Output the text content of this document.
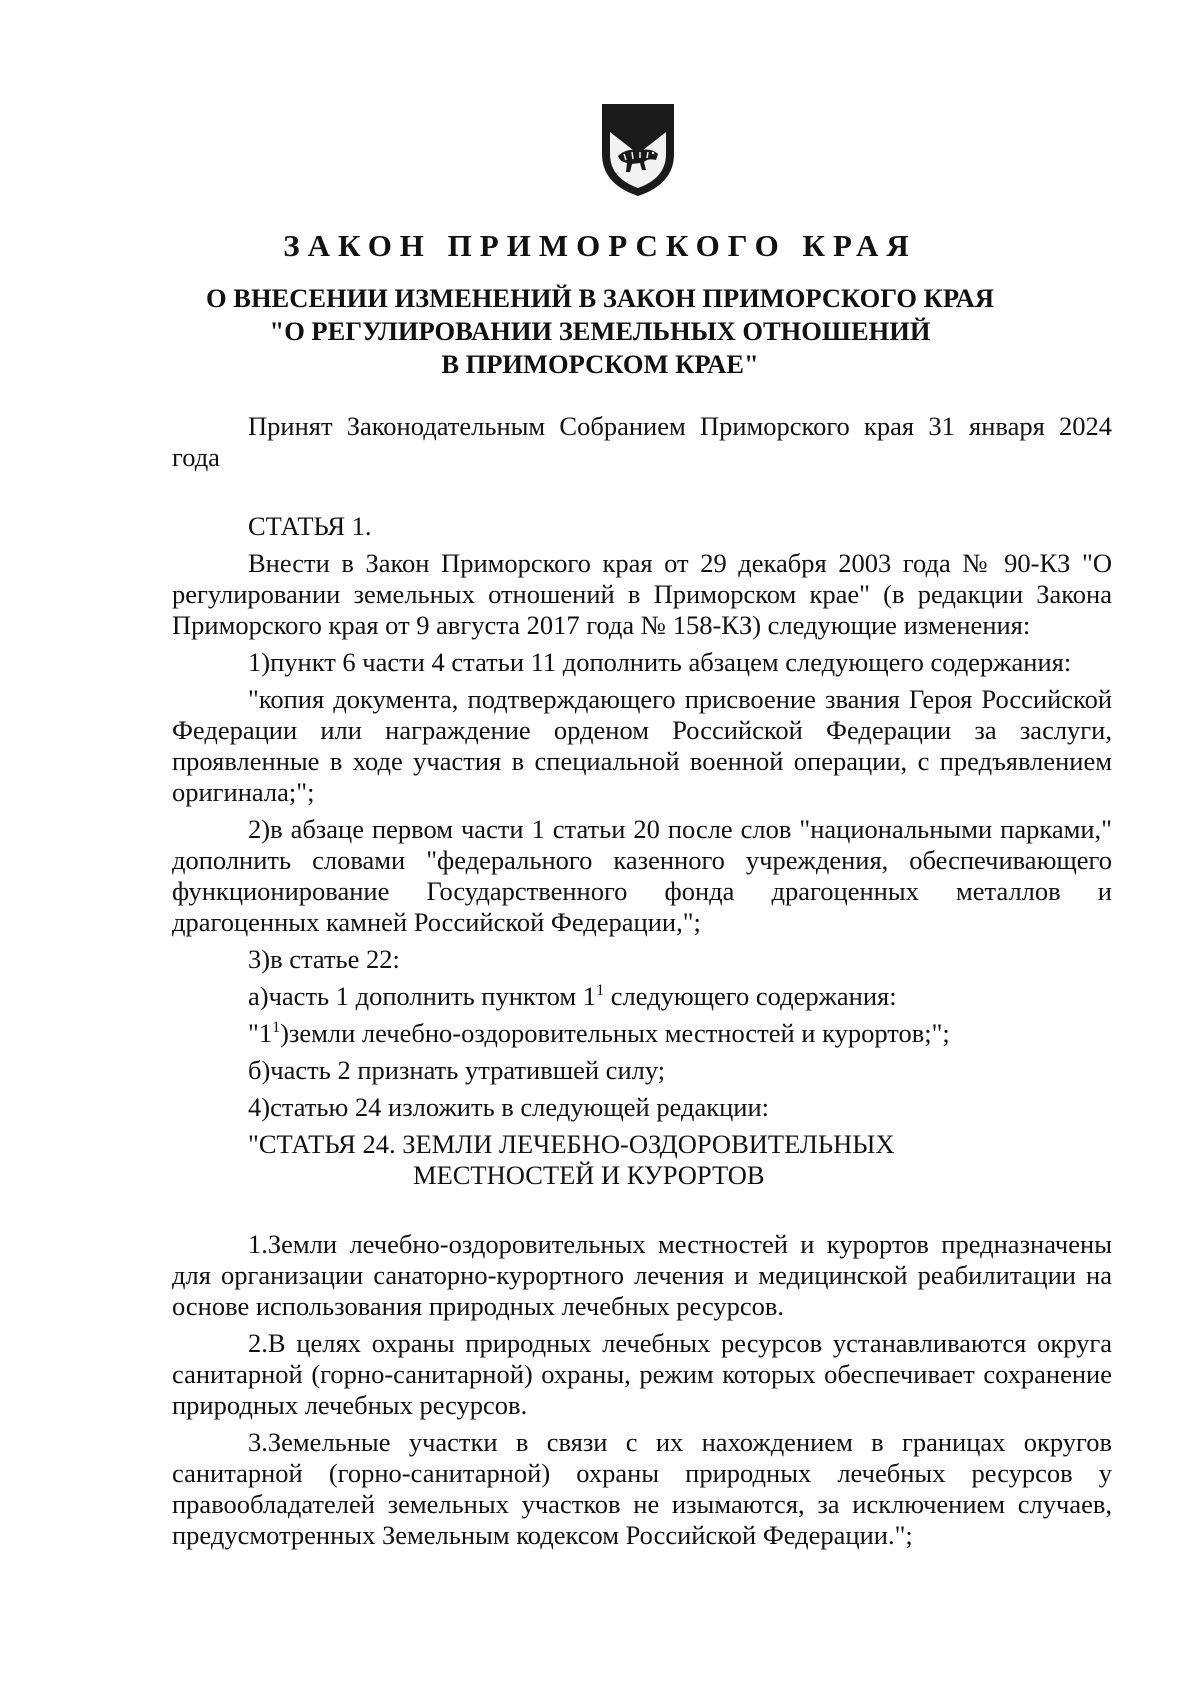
ЗАКОН ПРИМОРСКОГО КРАЯ
О ВНЕСЕНИИ ИЗМЕНЕНИЙ В ЗАКОН ПРИМОРСКОГО КРАЯ
"О РЕГУЛИРОВАНИИ ЗЕМЕЛЬНЫХ ОТНОШЕНИЙ
В ПРИМОРСКОМ КРАЕ"

Принят Законодательным Собранием Приморского края 31 января 2024 года

СТАТЬЯ 1.

Внести в Закон Приморского края от 29 декабря 2003 года № 90-КЗ "О регулировании земельных отношений в Приморском крае" (в редакции Закона Приморского края от 9 августа 2017 года № 158-КЗ) следующие изменения:

1)пункт 6 части 4 статьи 11 дополнить абзацем следующего содержания:

"копия документа, подтверждающего присвоение звания Героя Российской Федерации или награждение орденом Российской Федерации за заслуги, проявленные в ходе участия в специальной военной операции, с предъявлением оригинала;";

2)в абзаце первом части 1 статьи 20 после слов "национальными парками," дополнить словами "федерального казенного учреждения, обеспечивающего функционирование Государственного фонда драгоценных металлов и драгоценных камней Российской Федерации,";

3)в статье 22:

а)часть 1 дополнить пунктом $1^1$ следующего содержания:

"$1^1)земли$ лечебно-оздоровительных местностей и курортов;";

б)часть 2 признать утратившей силу;

4)статью 24 изложить в следующей редакции:

"СТАТЬЯ 24. ЗЕМЛИ ЛЕЧЕБНО-ОЗДОРОВИТЕЛЬНЫХ

МЕСТНОСТЕЙ И КУРОРТОВ

1.Земли лечебно-оздоровительных местностей и курортов предназначены для организации санаторно-курортного лечения и медицинской реабилитации на основе использования природных лечебных ресурсов.

2.В целях охраны природных лечебных ресурсов устанавливаются округа санитарной (горно-санитарной) охраны, режим которых обеспечивает сохранение природных лечебных ресурсов.

3.Земельные участки в связи с их нахождением в границах округов санитарной (горно-санитарной) охраны природных лечебных ресурсов у правообладателей земельных участков не изымаются, за исключением случаев, предусмотренных Земельным кодексом Российской Федерации.";
